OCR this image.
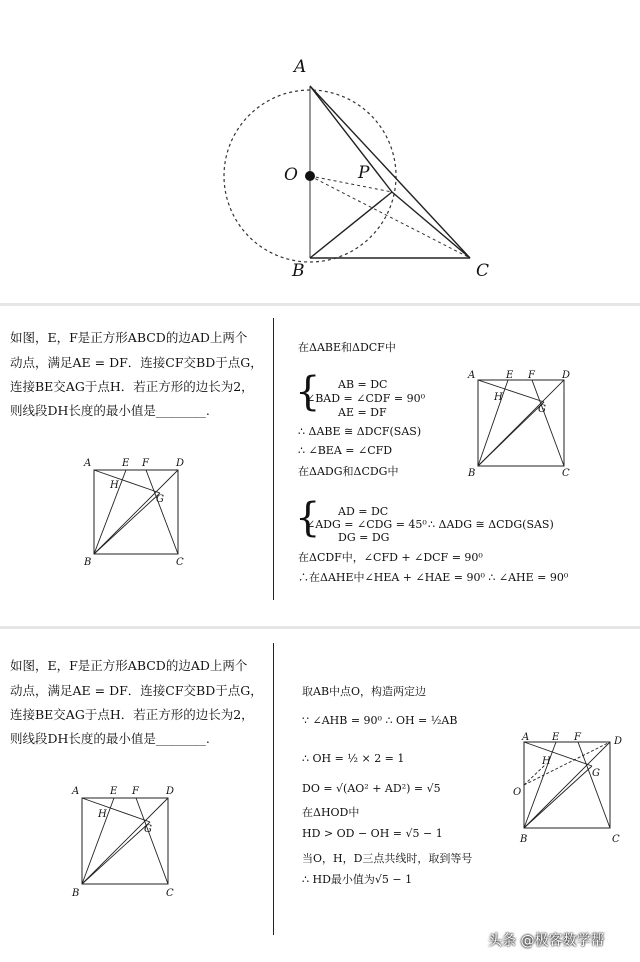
A
O	P
B	C
如图，E，F是正方形ABCD的边AD上两个
动点，满足AE = DF．连接CF交BD于点G，
连接BE交AG于点H．若正方形的边长为2，
则线段DH长度的最小值是________.
A	E F	D
H
G
B	C
在ΔABE和ΔDCF中
{ AB = DC
∠BAD = ∠CDF = 90⁰
AE = DF
∴ ΔABE ≅ ΔDCF(SAS)
∴ ∠BEA = ∠CFD
在ΔADG和ΔCDG中
{ AD = DC
∠ADG = ∠CDG = 45⁰
DG = DG
∴ ΔADG ≅ ΔCDG(SAS)
在ΔCDF中，∠CFD + ∠DCF = 90⁰
∴在ΔAHE中∠HEA + ∠HAE = 90⁰ ∴ ∠AHE = 90⁰
A	E F	D
H
G
B	C
如图，E，F是正方形ABCD的边AD上两个
动点，满足AE = DF．连接CF交BD于点G，
连接BE交AG于点H．若正方形的边长为2，
则线段DH长度的最小值是________.
A	E F	D
H
G
B	C
取AB中点O，构造两定边
∵ ∠AHB = 90⁰ ∴ OH = ½AB
∴ OH = ½ × 2 = 1
DO = √(AO² + AD²) = √5
在ΔHOD中
HD > OD − OH = √5 − 1
当O，H，D三点共线时，取到等号
∴ HD最小值为√5 − 1
A E F	D
H
G
O
B	C
头条 @极客数学帮
